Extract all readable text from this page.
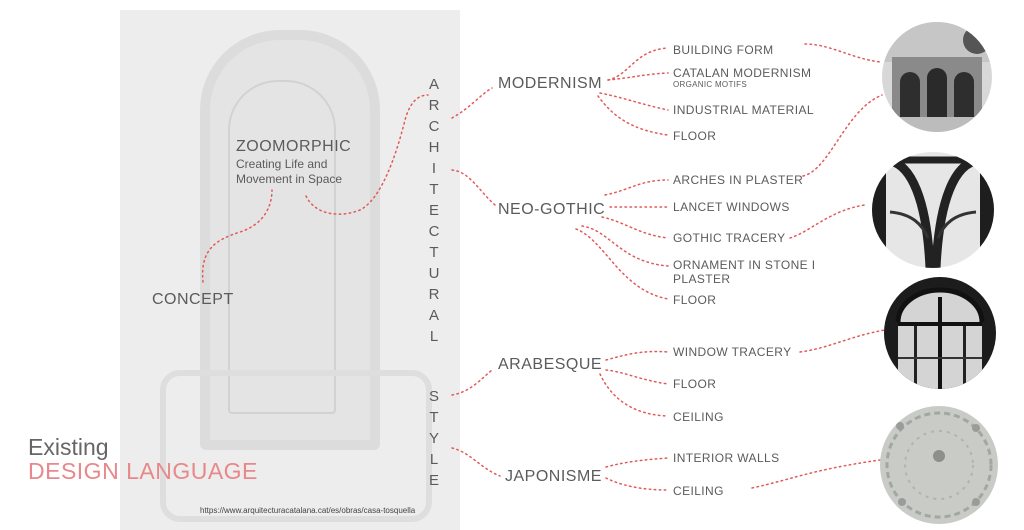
CONCEPT
ZOOMORPHIC
Creating Life and
Movement in Space
A
R
C
H
I
T
E
C
T
U
R
A
L
S
T
Y
L
E
MODERNISM
NEO-GOTHIC
ARABESQUE
JAPONISME
BUILDING FORM
CATALAN MODERNISM
ORGANIC MOTIFS
INDUSTRIAL MATERIAL
FLOOR
ARCHES IN PLASTER
LANCET WINDOWS
GOTHIC TRACERY
ORNAMENT IN STONE I
PLASTER
FLOOR
WINDOW TRACERY
FLOOR
CEILING
INTERIOR WALLS
CEILING
Existing
DESIGN LANGUAGE
https://www.arquitecturacatalana.cat/es/obras/casa-tosquella
